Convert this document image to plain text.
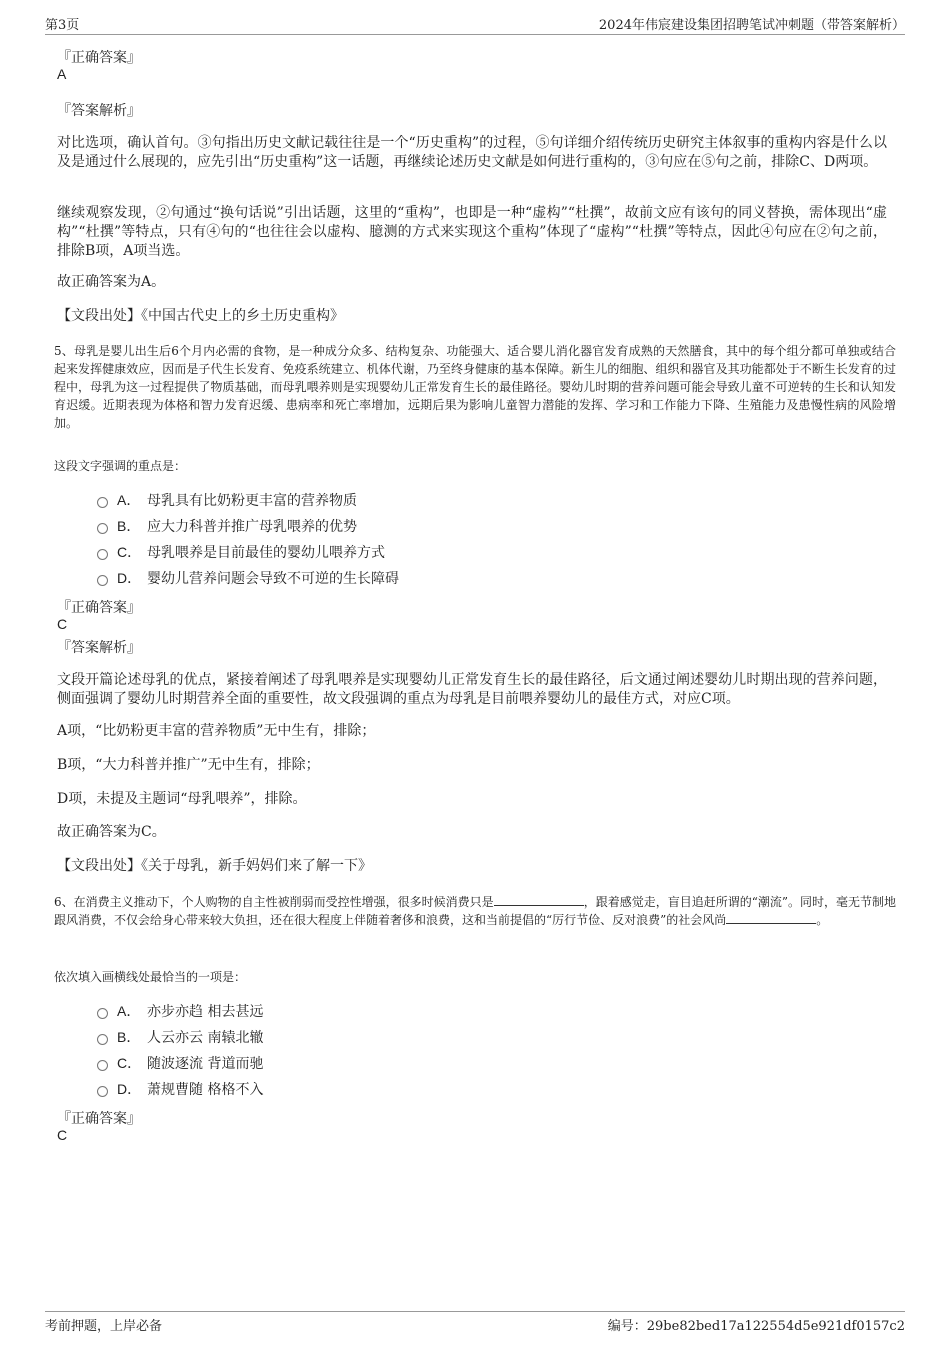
第3页	2024年伟宸建设集团招聘笔试冲刺题（带答案解析）
『正确答案』
A
『答案解析』
对比选项，确认首句。③句指出历史文献记载往往是一个“历史重构”的过程，⑤句详细介绍传统历史研究主体叙事的重构内容是什么以及是通过什么展现的，应先引出“历史重构”这一话题，再继续论述历史文献是如何进行重构的，③句应在⑤句之前，排除C、D两项。
继续观察发现，②句通过“换句话说”引出话题，这里的“重构”，也即是一种“虚构”“杜撰”，故前文应有该句的同义替换，需体现出“虚构”“杜撰”等特点，只有④句的“也往往会以虚构、臆测的方式来实现这个重构”体现了“虚构”“杜撰”等特点，因此④句应在②句之前，排除B项，A项当选。
故正确答案为A。
【文段出处】《中国古代史上的乡土历史重构》
5、母乳是婴儿出生后6个月内必需的食物，是一种成分众多、结构复杂、功能强大、适合婴儿消化器官发育成熟的天然膳食，其中的每个组分都可单独或结合起来发挥健康效应，因而是子代生长发育、免疫系统建立、机体代谢，乃至终身健康的基本保障。新生儿的细胞、组织和器官及其功能都处于不断生长发育的过程中，母乳为这一过程提供了物质基础，而母乳喂养则是实现婴幼儿正常发育生长的最佳路径。婴幼儿时期的营养问题可能会导致儿童不可逆转的生长和认知发育迟缓。近期表现为体格和智力发育迟缓、患病率和死亡率增加，远期后果为影响儿童智力潜能的发挥、学习和工作能力下降、生殖能力及患慢性病的风险增加。
这段文字强调的重点是：
A． 母乳具有比奶粉更丰富的营养物质
B． 应大力科普并推广母乳喂养的优势
C． 母乳喂养是目前最佳的婴幼儿喂养方式
D． 婴幼儿营养问题会导致不可逆的生长障碍
『正确答案』
C
『答案解析』
文段开篇论述母乳的优点，紧接着阐述了母乳喂养是实现婴幼儿正常发育生长的最佳路径，后文通过阐述婴幼儿时期出现的营养问题，侧面强调了婴幼儿时期营养全面的重要性，故文段强调的重点为母乳是目前喂养婴幼儿的最佳方式，对应C项。
A项，“比奶粉更丰富的营养物质”无中生有，排除；
B项，“大力科普并推广”无中生有，排除；
D项，未提及主题词“母乳喂养”，排除。
故正确答案为C。
【文段出处】《关于母乳，新手妈妈们来了解一下》
6、在消费主义推动下，个人购物的自主性被削弱而受控性增强，很多时候消费只是	，跟着感觉走，盲目追赶所谓的“潮流”。同时，毫无节制地跟风消费，不仅会给身心带来较大负担，还在很大程度上伴随着奢侈和浪费，这和当前提倡的“厉行节俭、反对浪费”的社会风尚	。
依次填入画横线处最恰当的一项是：
A． 亦步亦趋 相去甚远
B． 人云亦云 南辕北辙
C． 随波逐流 背道而驰
D． 萧规曹随 格格不入
『正确答案』
C
考前押题，上岸必备	编号：29be82bed17a122554d5e921df0157c2
